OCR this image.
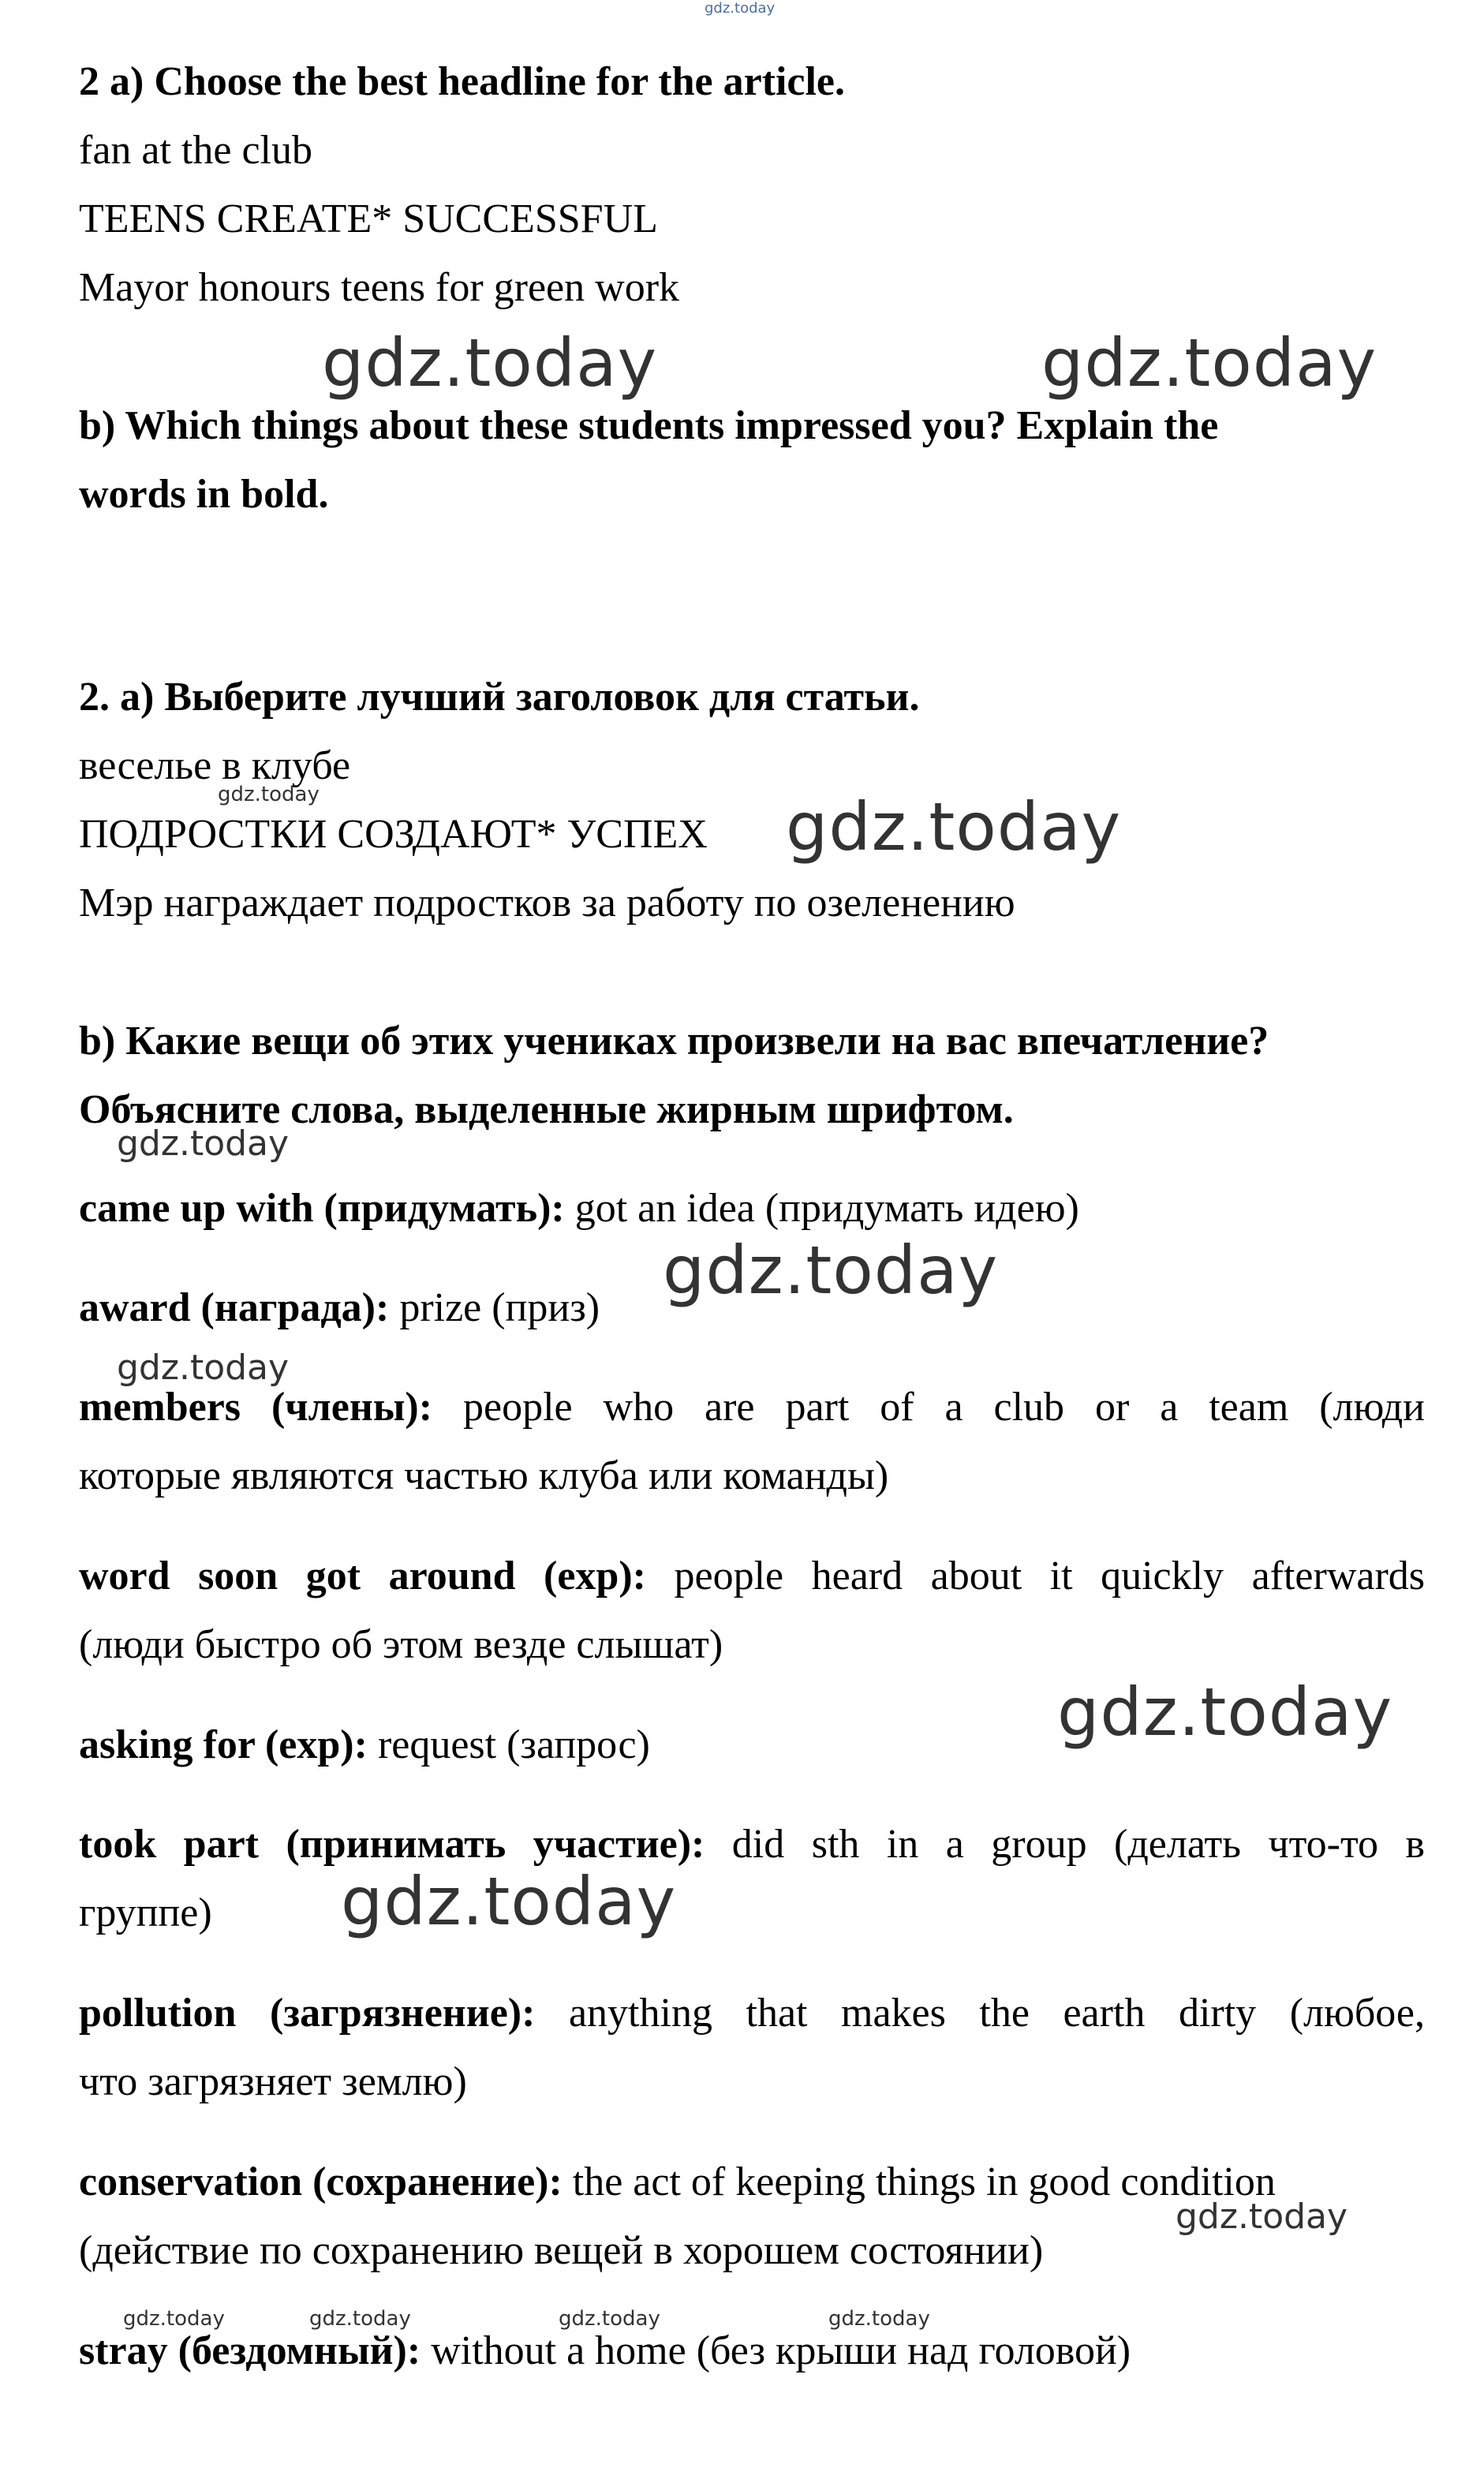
gdz.today
2 a) Choose the best headline for the article.
fan at the club
TEENS CREATE* SUCCESSFUL
Mayor honours teens for green work
gdz.today	gdz.today
b) Which things about these students impressed you? Explain the
words in bold.
2. a) Выберите лучший заголовок для статьи.
веселье в клубе
gdz.today
ПОДРОСТКИ СОЗДАЮТ* УСПЕХ gdz.today
Мэр награждает подростков за работу по озеленению
b) Какие вещи об этих учениках произвели на вас впечатление?
Объясните слова, выделенные жирным шрифтом.
gdz.today
came up with (придумать): got an idea (придумать идею)
gdz.today
award (награда): prize (приз)
gdz.today
members (члены): people who are part of a club or a team (люди
которые являются частью клуба или команды)
word soon got around (exp): people heard about it quickly afterwards
(люди быстро об этом везде слышат)
gdz.today
asking for (exp): request (запрос)
took part (принимать участие): did sth in a group (делать что-то в
группе) gdz.today
pollution (загрязнение): anything that makes the earth dirty (любое,
что загрязняет землю)
conservation (сохранение): the act of keeping things in good condition
(действие по сохранению вещей в хорошем состоянии)
gdz.today
gdz.today	gdz.today	gdz.today	gdz.today
stray (бездомный): without a home (без крыши над головой)
